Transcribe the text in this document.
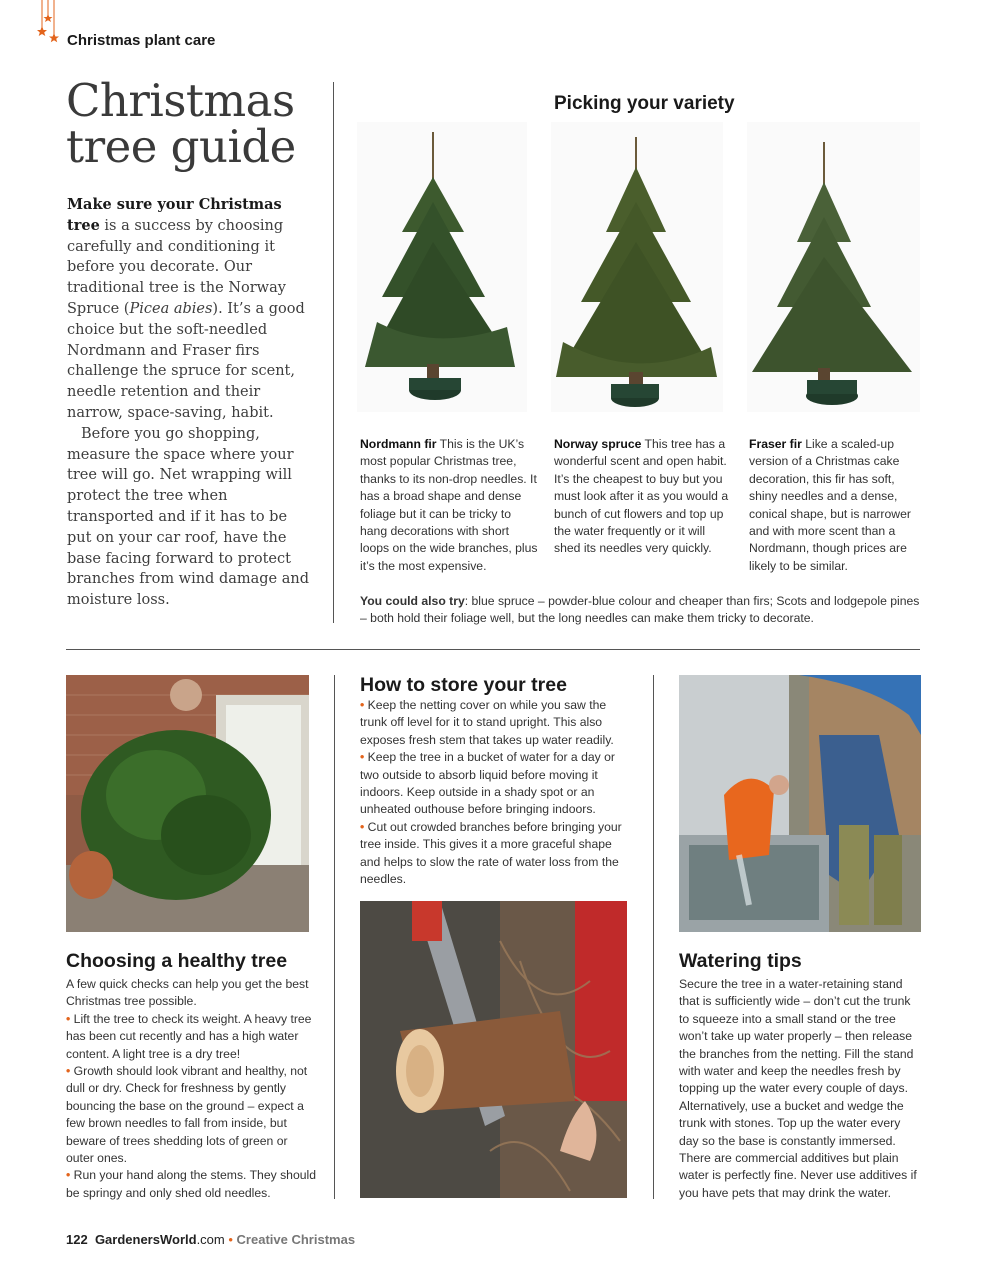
Christmas plant care
Christmas
tree guide

Make sure your Christmas tree is a success by choosing carefully and conditioning it before you decorate. Our traditional tree is the Norway Spruce (Picea abies). It’s a good choice but the soft-needled Nordmann and Fraser firs challenge the spruce for scent, needle retention and their narrow, space-saving, habit.

Before you go shopping, measure the space where your tree will go. Net wrapping will protect the tree when transported and if it has to be put on your car roof, have the base facing forward to protect branches from wind damage and moisture loss.

Picking your variety
Nordmann fir This is the UK’s most popular Christmas tree, thanks to its non-drop needles. It has a broad shape and dense foliage but it can be tricky to hang decorations with short loops on the wide branches, plus it’s the most expensive.
Norway spruce This tree has a wonderful scent and open habit. It’s the cheapest to buy but you must look after it as you would a bunch of cut flowers and top up the water frequently or it will shed its needles very quickly.
Fraser fir Like a scaled-up version of a Christmas cake decoration, this fir has soft, shiny needles and a dense, conical shape, but is narrower and with more scent than a Nordmann, though prices are likely to be similar.
You could also try: blue spruce – powder-blue colour and cheaper than firs; Scots and lodgepole pines – both hold their foliage well, but the long needles can make them tricky to decorate.
Choosing a healthy tree

A few quick checks can help you get the best Christmas tree possible.

• Lift the tree to check its weight. A heavy tree has been cut recently and has a high water content. A light tree is a dry tree!

• Growth should look vibrant and healthy, not dull or dry. Check for freshness by gently bouncing the base on the ground – expect a few brown needles to fall from inside, but beware of trees shedding lots of green or outer ones.

• Run your hand along the stems. They should be springy and only shed old needles.

How to store your tree

• Keep the netting cover on while you saw the trunk off level for it to stand upright. This also exposes fresh stem that takes up water readily.

• Keep the tree in a bucket of water for a day or two outside to absorb liquid before moving it indoors. Keep outside in a shady spot or an unheated outhouse before bringing indoors.

• Cut out crowded branches before bringing your tree inside. This gives it a more graceful shape and helps to slow the rate of water loss from the needles.

Watering tips
Secure the tree in a water-retaining stand that is sufficiently wide – don’t cut the trunk to squeeze into a small stand or the tree won’t take up water properly – then release the branches from the netting. Fill the stand with water and keep the needles fresh by topping up the water every couple of days. Alternatively, use a bucket and wedge the trunk with stones. Top up the water every day so the base is constantly immersed. There are commercial additives but plain water is perfectly fine. Never use additives if you have pets that may drink the water.
122 GardenersWorld.com • Creative Christmas
